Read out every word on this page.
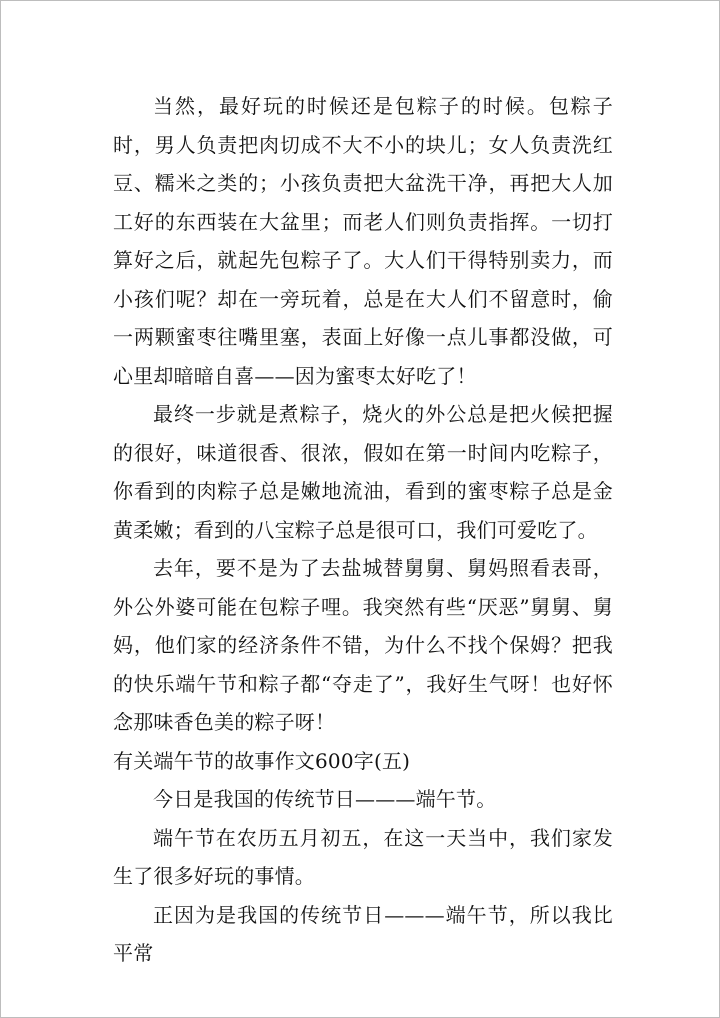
当然，最好玩的时候还是包粽子的时候。包粽子时，男人负责把肉切成不大不小的块儿；女人负责洗红豆、糯米之类的；小孩负责把大盆洗干净，再把大人加工好的东西装在大盆里；而老人们则负责指挥。一切打算好之后，就起先包粽子了。大人们干得特别卖力，而小孩们呢？却在一旁玩着，总是在大人们不留意时，偷一两颗蜜枣往嘴里塞，表面上好像一点儿事都没做，可心里却暗暗自喜——因为蜜枣太好吃了！

最终一步就是煮粽子，烧火的外公总是把火候把握的很好，味道很香、很浓，假如在第一时间内吃粽子，你看到的肉粽子总是嫩地流油，看到的蜜枣粽子总是金黄柔嫩；看到的八宝粽子总是很可口，我们可爱吃了。

去年，要不是为了去盐城替舅舅、舅妈照看表哥，外公外婆可能在包粽子哩。我突然有些“厌恶”舅舅、舅妈，他们家的经济条件不错，为什么不找个保姆？把我的快乐端午节和粽子都“夺走了”，我好生气呀！也好怀念那味香色美的粽子呀！

有关端午节的故事作文600字(五)

今日是我国的传统节日———端午节。

端午节在农历五月初五，在这一天当中，我们家发生了很多好玩的事情。

正因为是我国的传统节日———端午节，所以我比平常
